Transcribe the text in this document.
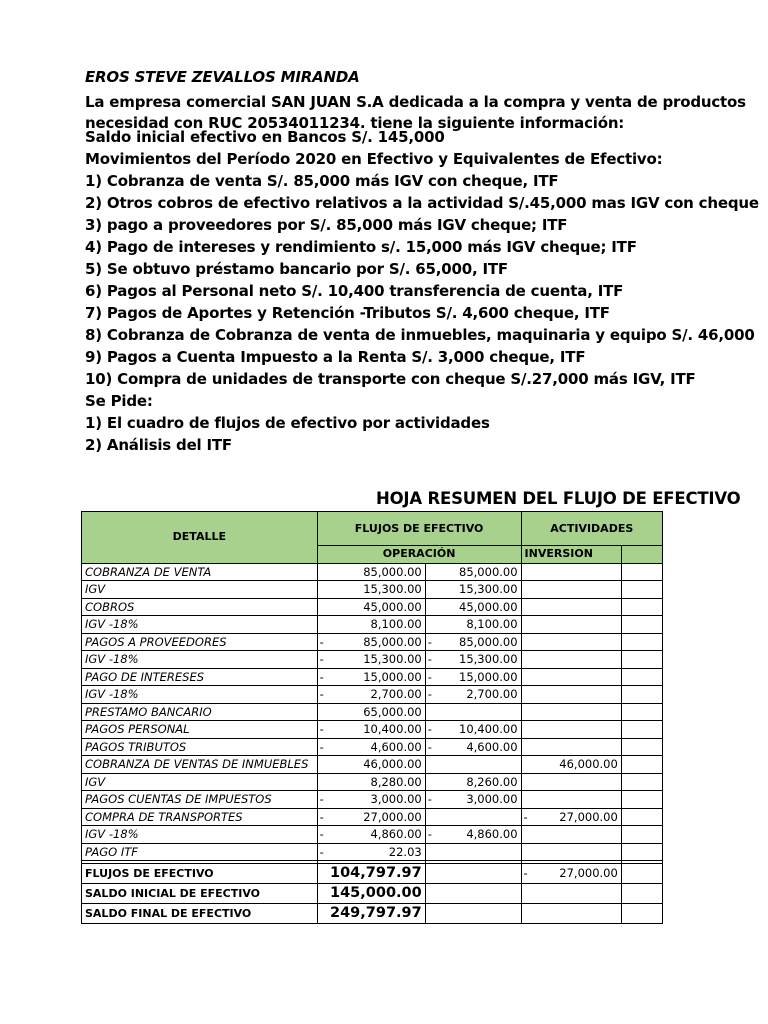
EROS STEVE ZEVALLOS MIRANDA
La empresa comercial SAN JUAN S.A dedicada a la compra y venta de productos
necesidad con RUC 20534011234. tiene la siguiente información:
Saldo inicial efectivo en Bancos S/. 145,000
Movimientos del Período 2020 en Efectivo y Equivalentes de Efectivo:
1) Cobranza de venta S/. 85,000 más IGV con cheque, ITF
2) Otros cobros de efectivo relativos a la actividad S/.45,000 mas IGV con cheque
3) pago a proveedores por S/. 85,000 más IGV cheque; ITF
4) Pago de intereses y rendimiento s/. 15,000 más IGV cheque; ITF
5) Se obtuvo préstamo bancario por S/. 65,000, ITF
6) Pagos al Personal neto S/. 10,400 transferencia de cuenta, ITF
7) Pagos de Aportes y Retención -Tributos S/. 4,600 cheque, ITF
8) Cobranza de Cobranza de venta de inmuebles, maquinaria y equipo S/. 46,000
9) Pagos a Cuenta Impuesto a la Renta S/. 3,000 cheque, ITF
10) Compra de unidades de transporte con cheque S/.27,000 más IGV, ITF
Se Pide:
1) El cuadro de flujos de efectivo por actividades
2) Análisis del ITF
HOJA RESUMEN DEL FLUJO DE EFECTIVO
DETALLE	FLUJOS DE EFECTIVO		ACTIVIDADES	
	OPERACIÓN		INVERSION	
COBRANZA DE VENTA	85,000.00	85,000.00	

IGV	15,300.00	15,300.00	

COBROS	45,000.00	45,000.00	

IGV -18%	8,100.00	8,100.00	

PAGOS A PROVEEDORES	- 85,000.00	- 85,000.00	

IGV -18%	- 15,300.00	- 15,300.00	

PAGO DE INTERESES	- 15,000.00	- 15,000.00	

IGV -18%	- 2,700.00	- 2,700.00	

PRESTAMO BANCARIO	65,000.00	

PAGOS PERSONAL	- 10,400.00	- 10,400.00	

PAGOS TRIBUTOS	- 4,600.00	- 4,600.00	

COBRANZA DE VENTAS DE INMUEBLES	46,000.00		46,000.00	
IGV	8,280.00	8,260.00	

PAGOS CUENTAS DE IMPUESTOS	- 3,000.00	- 3,000.00	

COMPRA DE TRANSPORTES	- 27,000.00		- 27,000.00	
IGV -18%	- 4,860.00	- 4,860.00	

PAGO ITF	- 22.03	

FLUJOS DE EFECTIVO	104,797.97		- 27,000.00	
SALDO INICIAL DE EFECTIVO	145,000.00		

SALDO FINAL DE EFECTIVO	249,797.97		
